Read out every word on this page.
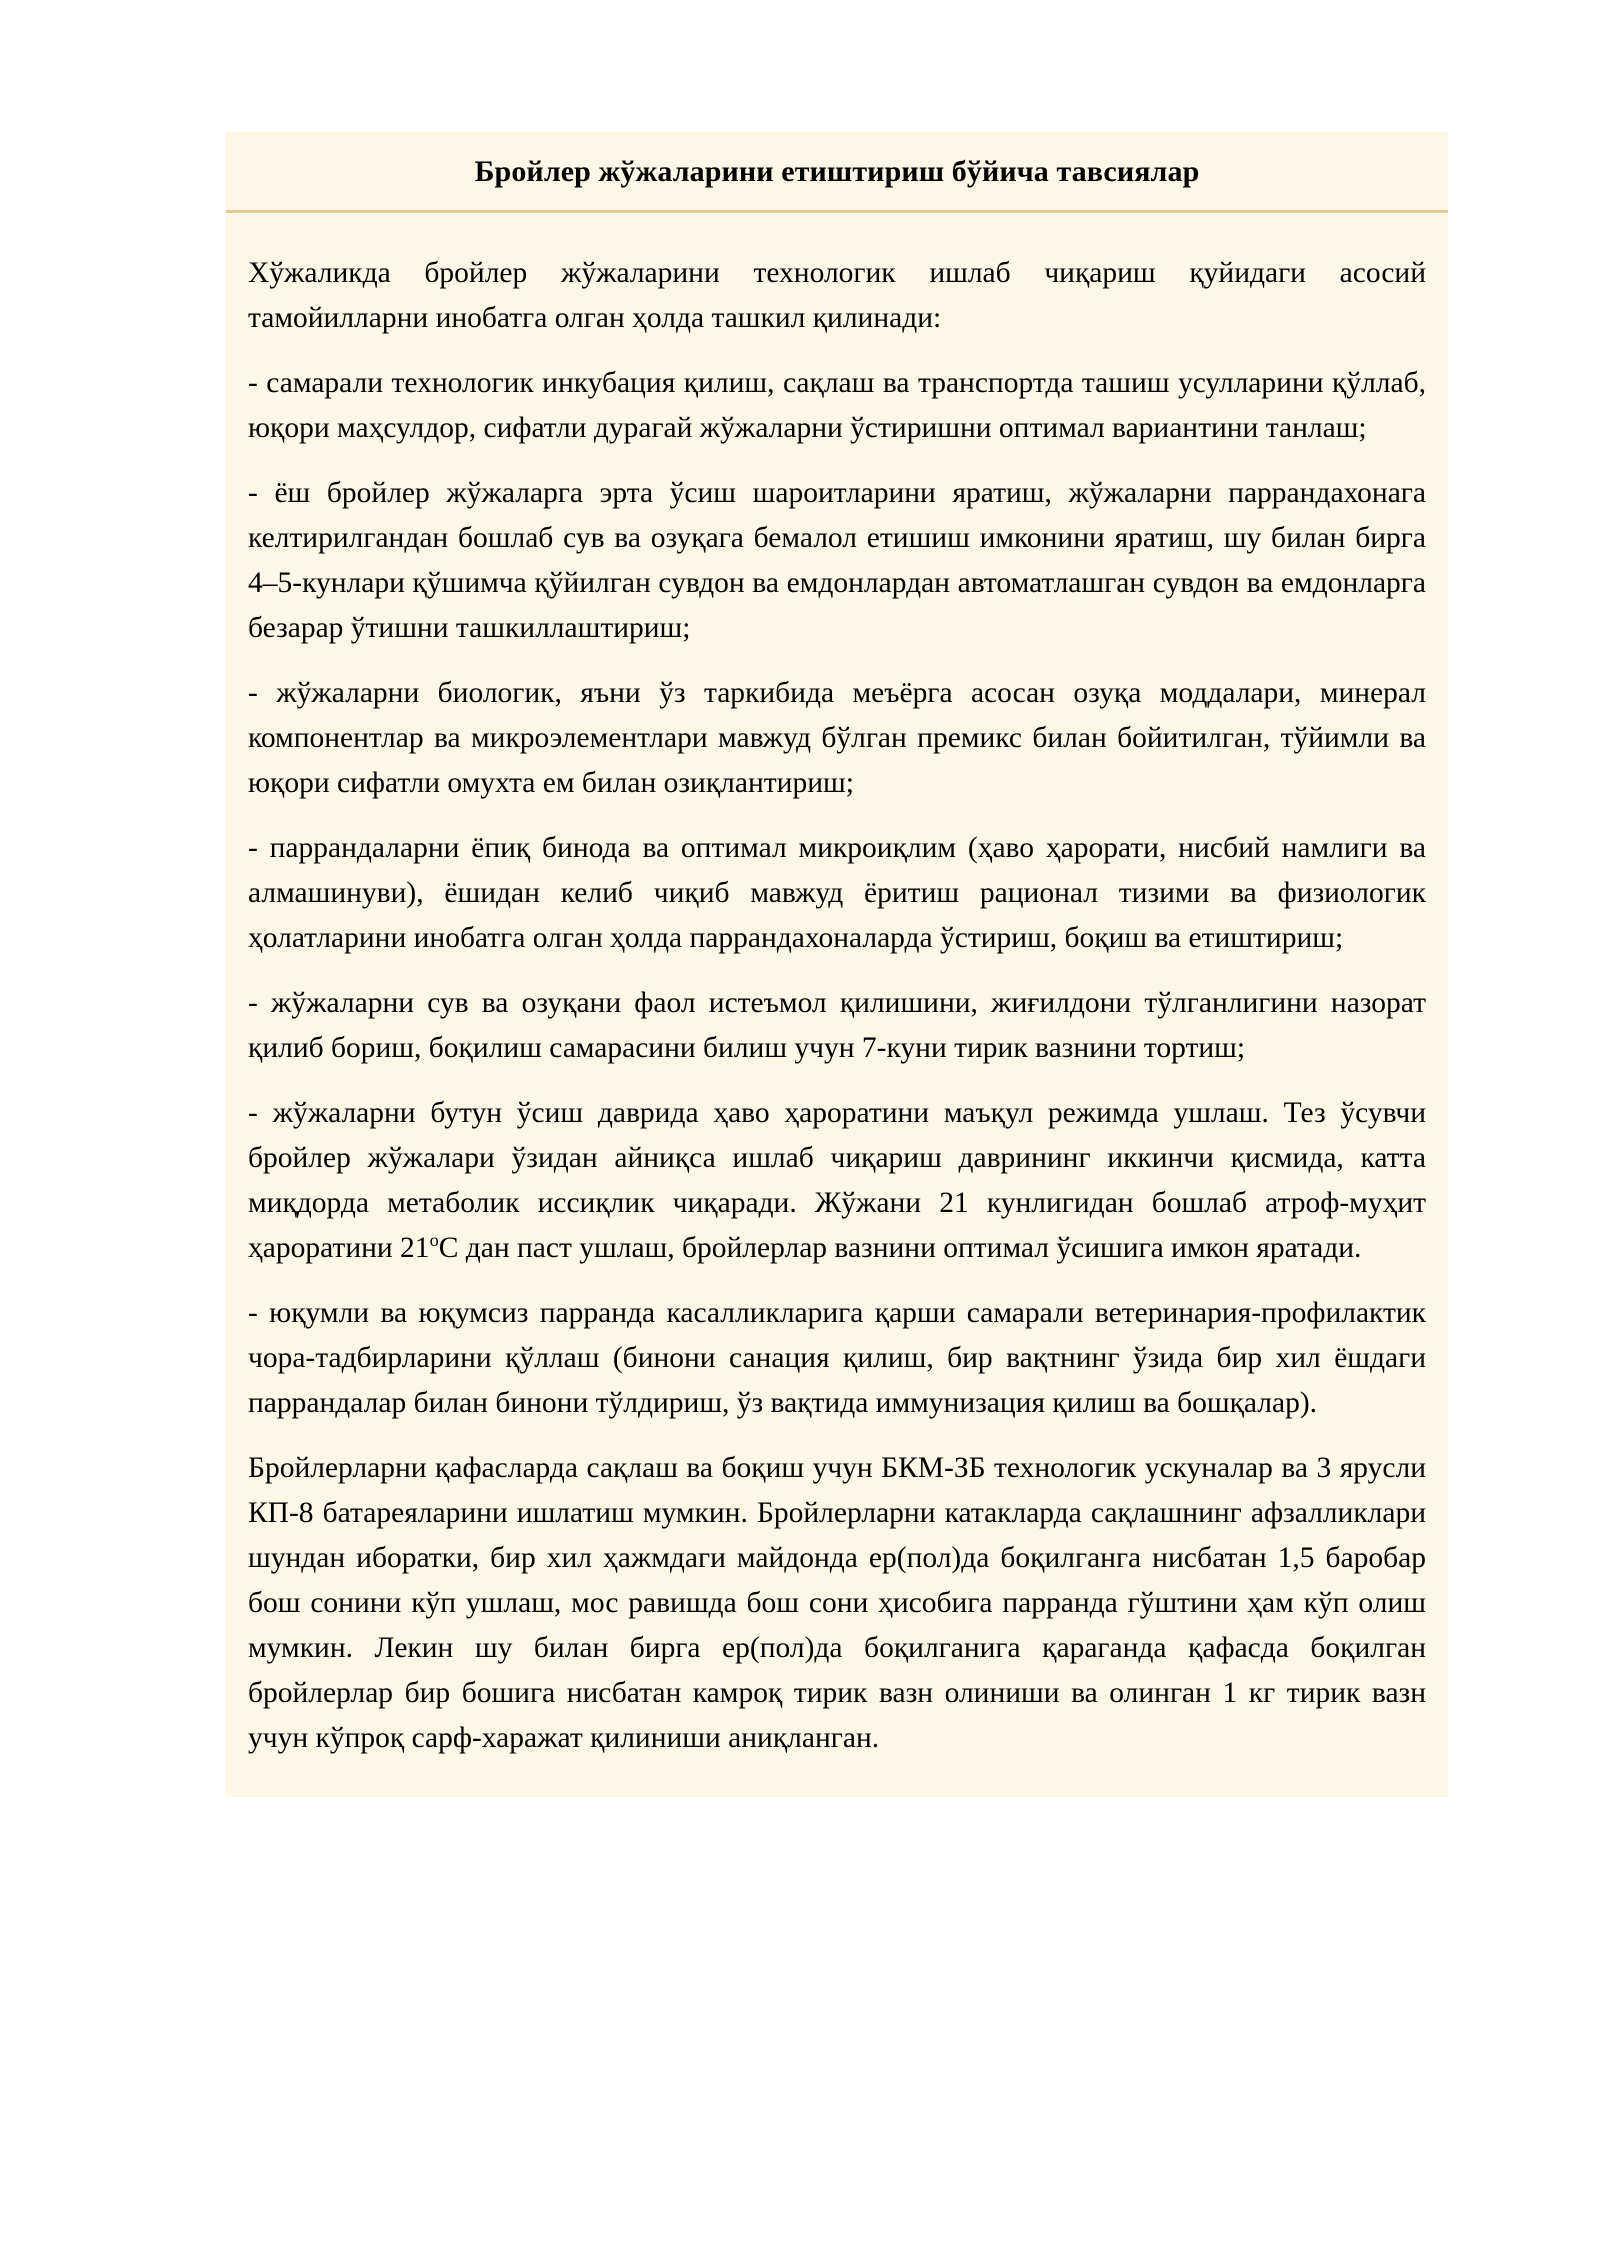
Бройлер жўжаларини етиштириш бўйича тавсиялар

Хўжаликда бройлер жўжаларини технологик ишлаб чиқариш қуйидаги асосий тамойилларни инобатга олган ҳолда ташкил қилинади:

- самарали технологик инкубация қилиш, сақлаш ва транспортда ташиш усулларини қўллаб, юқори маҳсулдор, сифатли дурагай жўжаларни ўстиришни оптимал вариантини танлаш;

- ёш бройлер жўжаларга эрта ўсиш шароитларини яратиш, жўжаларни паррандахонага келтирилгандан бошлаб сув ва озуқага бемалол етишиш имконини яратиш, шу билан бирга 4–5-кунлари қўшимча қўйилган сувдон ва емдонлардан автоматлашган сувдон ва емдонларга безарар ўтишни ташкиллаштириш;

- жўжаларни биологик, яъни ўз таркибида меъёрга асосан озуқа моддалари, минерал компонентлар ва микроэлементлари мавжуд бўлган премикс билан бойитилган, тўйимли ва юқори сифатли омухта ем билан озиқлантириш;

- паррандаларни ёпиқ бинода ва оптимал микроиқлим (ҳаво ҳарорати, нисбий намлиги ва алмашинуви), ёшидан келиб чиқиб мавжуд ёритиш рационал тизими ва физиологик ҳолатларини инобатга олган ҳолда паррандахоналарда ўстириш, боқиш ва етиштириш;

- жўжаларни сув ва озуқани фаол истеъмол қилишини, жиғилдони тўлганлигини назорат қилиб бориш, боқилиш самарасини билиш учун 7-куни тирик вазнини тортиш;

- жўжаларни бутун ўсиш даврида ҳаво ҳароратини маъқул режимда ушлаш. Тез ўсувчи бройлер жўжалари ўзидан айниқса ишлаб чиқариш даврининг иккинчи қисмида, катта миқдорда метаболик иссиқлик чиқаради. Жўжани 21 кунлигидан бошлаб атроф-муҳит ҳароратини 21$^o$C дан паст ушлаш, бройлерлар вазнини оптимал ўсишига имкон яратади.

- юқумли ва юқумсиз парранда касалликларига қарши самарали ветеринария-профилактик чора-тадбирларини қўллаш (бинони санация қилиш, бир вақтнинг ўзида бир хил ёшдаги паррандалар билан бинони тўлдириш, ўз вақтида иммунизация қилиш ва бошқалар).

Бройлерларни қафасларда сақлаш ва боқиш учун БКМ-ЗБ технологик ускуналар ва 3 ярусли КП-8 батареяларини ишлатиш мумкин. Бройлерларни катакларда сақлашнинг афзалликлари шундан иборатки, бир хил ҳажмдаги майдонда ер(пол)да боқилганга нисбатан 1,5 баробар бош сонини кўп ушлаш, мос равишда бош сони ҳисобига парранда гўштини ҳам кўп олиш мумкин. Лекин шу билан бирга ер(пол)да боқилганига қараганда қафасда боқилган бройлерлар бир бошига нисбатан камроқ тирик вазн олиниши ва олинган 1 кг тирик вазн учун кўпроқ сарф-харажат қилиниши аниқланган.
